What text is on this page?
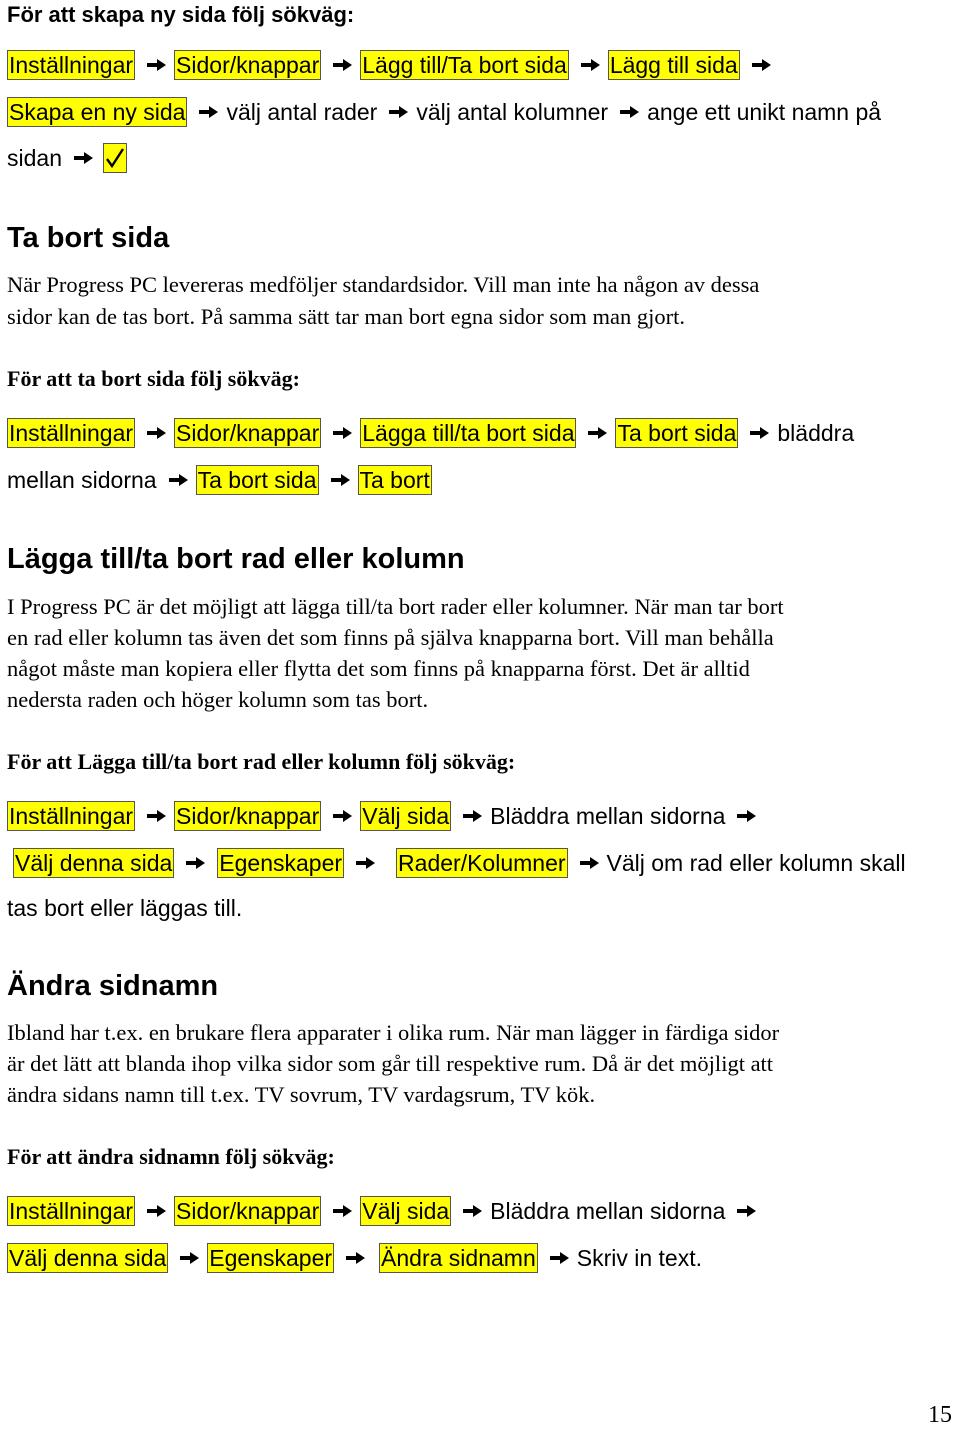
För att skapa ny sida följ sökväg:
Inställningar Sidor/knappar Lägg till/Ta bort sida Lägg till sida
Skapa en ny sida välj antal rader välj antal kolumner ange ett unikt namn på
sidan
Ta bort sida
När Progress PC levereras medföljer standardsidor. Vill man inte ha någon av dessa
sidor kan de tas bort. På samma sätt tar man bort egna sidor som man gjort.
För att ta bort sida följ sökväg:
Inställningar Sidor/knappar Lägga till/ta bort sida Ta bort sida bläddra
mellan sidorna Ta bort sida Ta bort
Lägga till/ta bort rad eller kolumn
I Progress PC är det möjligt att lägga till/ta bort rader eller kolumner. När man tar bort
en rad eller kolumn tas även det som finns på själva knapparna bort. Vill man behålla
något måste man kopiera eller flytta det som finns på knapparna först. Det är alltid
nedersta raden och höger kolumn som tas bort.
För att Lägga till/ta bort rad eller kolumn följ sökväg:
Inställningar Sidor/knappar Välj sida Bläddra mellan sidorna
Välj denna sida Egenskaper Rader/Kolumner Välj om rad eller kolumn skall
tas bort eller läggas till.
Ändra sidnamn
Ibland har t.ex. en brukare flera apparater i olika rum. När man lägger in färdiga sidor
är det lätt att blanda ihop vilka sidor som går till respektive rum. Då är det möjligt att
ändra sidans namn till t.ex. TV sovrum, TV vardagsrum, TV kök.
För att ändra sidnamn följ sökväg:
Inställningar Sidor/knappar Välj sida Bläddra mellan sidorna
Välj denna sida Egenskaper Ändra sidnamn Skriv in text.
15
